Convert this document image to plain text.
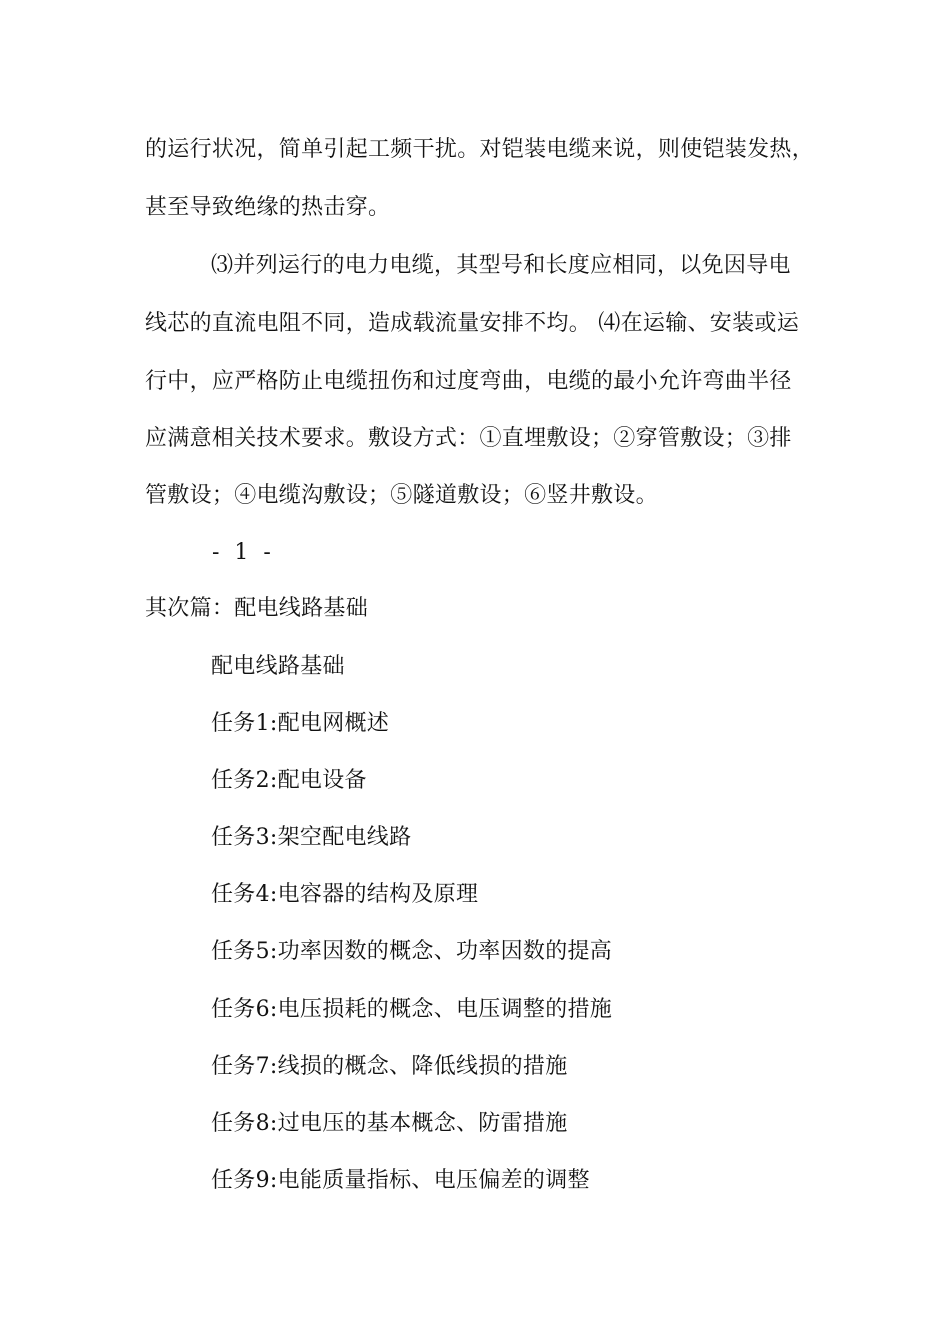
的运行状况，简单引起工频干扰。对铠装电缆来说，则使铠装发热，
甚至导致绝缘的热击穿。
⑶并列运行的电力电缆，其型号和长度应相同，以免因导电
线芯的直流电阻不同，造成载流量安排不均。 ⑷在运输、安装或运
行中，应严格防止电缆扭伤和过度弯曲，电缆的最小允许弯曲半径
应满意相关技术要求。敷设方式：①直埋敷设；②穿管敷设；③排
管敷设；④电缆沟敷设；⑤隧道敷设；⑥竖井敷设。
- 1 -
其次篇：配电线路基础
配电线路基础
任务1:配电网概述
任务2:配电设备
任务3:架空配电线路
任务4:电容器的结构及原理
任务5:功率因数的概念、功率因数的提高
任务6:电压损耗的概念、电压调整的措施
任务7:线损的概念、降低线损的措施
任务8:过电压的基本概念、防雷措施
任务9:电能质量指标、电压偏差的调整
